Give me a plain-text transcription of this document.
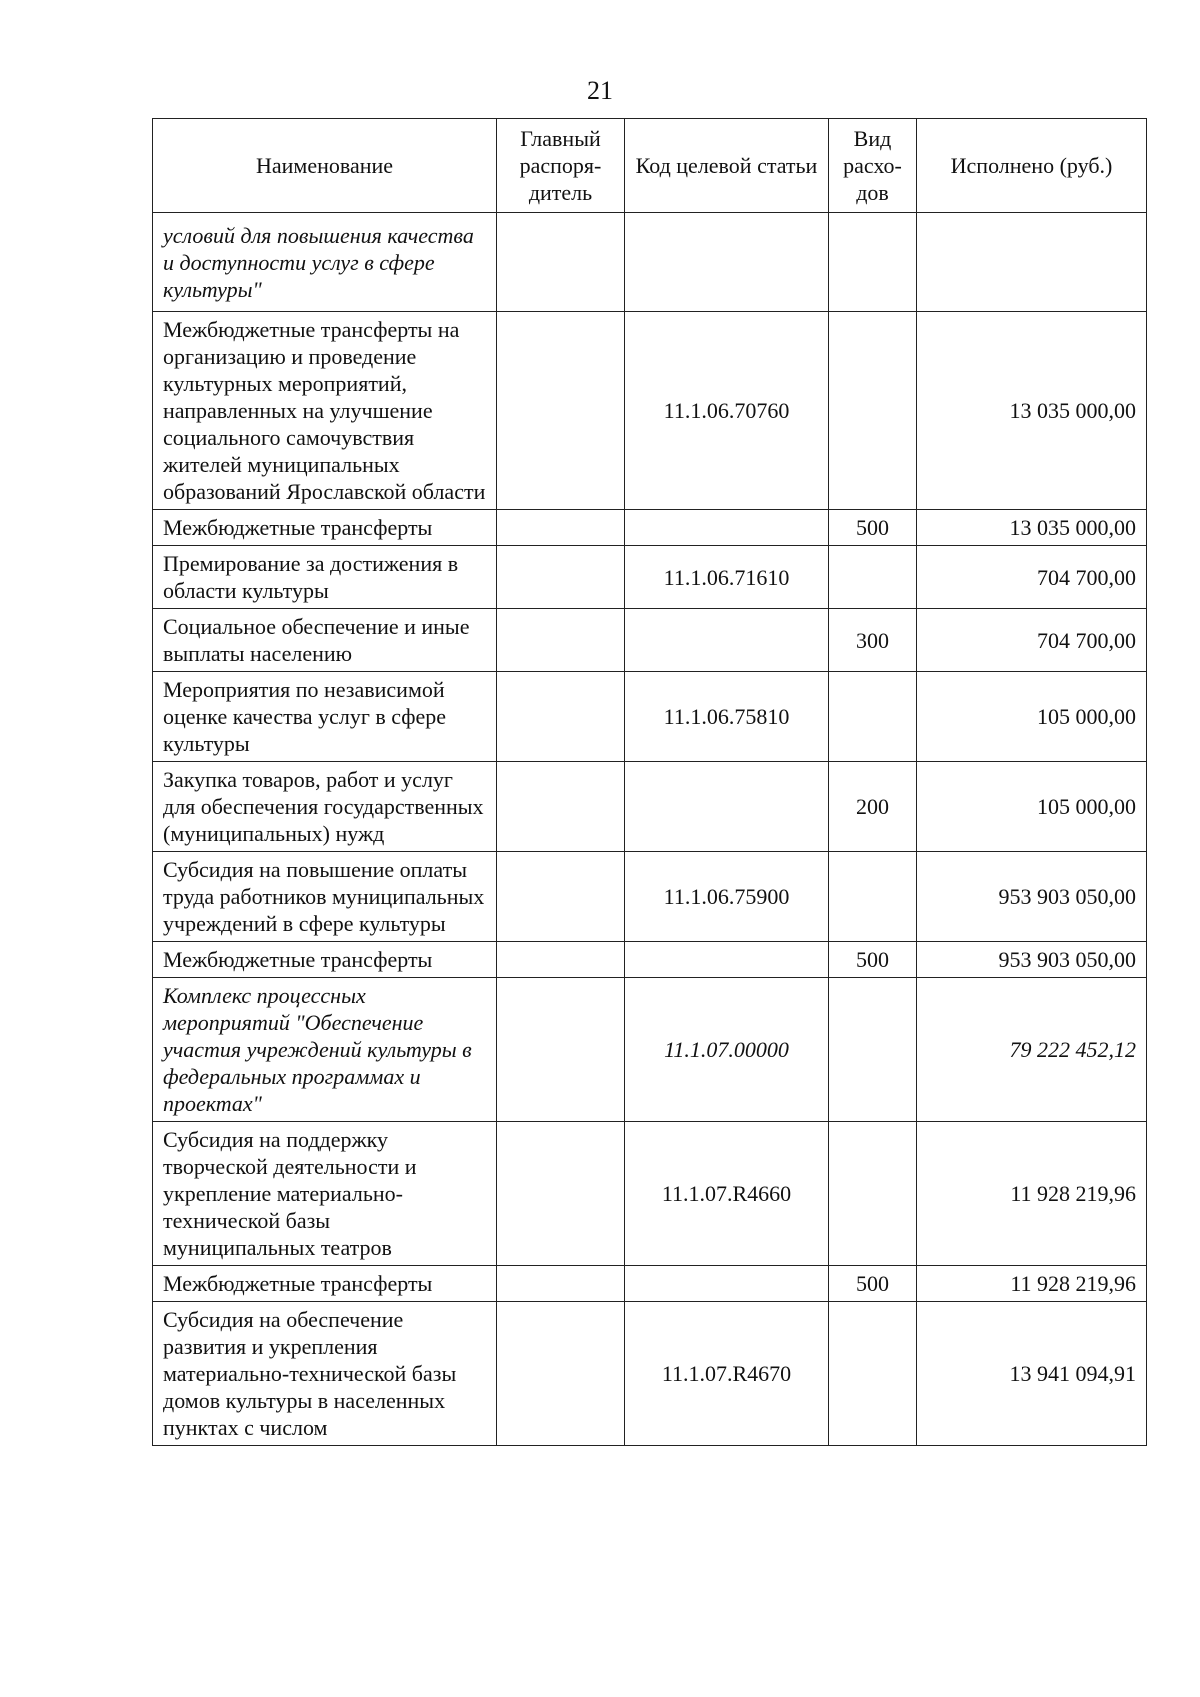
21
Наименование	Главный распоря-дитель	Код целевой статьи	Вид расхо-дов	Исполнено (руб.)
условий для повышения качества и доступности услуг в сфере культуры"				
Межбюджетные трансферты на организацию и проведение культурных мероприятий, направленных на улучшение социального самочувствия жителей муниципальных образований Ярославской области		11.1.06.70760		13 035 000,00
Межбюджетные трансферты			500	13 035 000,00
Премирование за достижения в области культуры		11.1.06.71610		704 700,00
Социальное обеспечение и иные выплаты населению			300	704 700,00
Мероприятия по независимой оценке качества услуг в сфере культуры		11.1.06.75810		105 000,00
Закупка товаров, работ и услуг для обеспечения государственных (муниципальных) нужд			200	105 000,00
Субсидия на повышение оплаты труда работников муниципальных учреждений в сфере культуры		11.1.06.75900		953 903 050,00
Межбюджетные трансферты			500	953 903 050,00
Комплекс процессных мероприятий "Обеспечение участия учреждений культуры в федеральных программах и проектах"		11.1.07.00000		79 222 452,12
Субсидия на поддержку творческой деятельности и укрепление материально-технической базы муниципальных театров		11.1.07.R4660		11 928 219,96
Межбюджетные трансферты			500	11 928 219,96
Субсидия на обеспечение развития и укрепления материально-технической базы домов культуры в населенных пунктах с числом		11.1.07.R4670		13 941 094,91
